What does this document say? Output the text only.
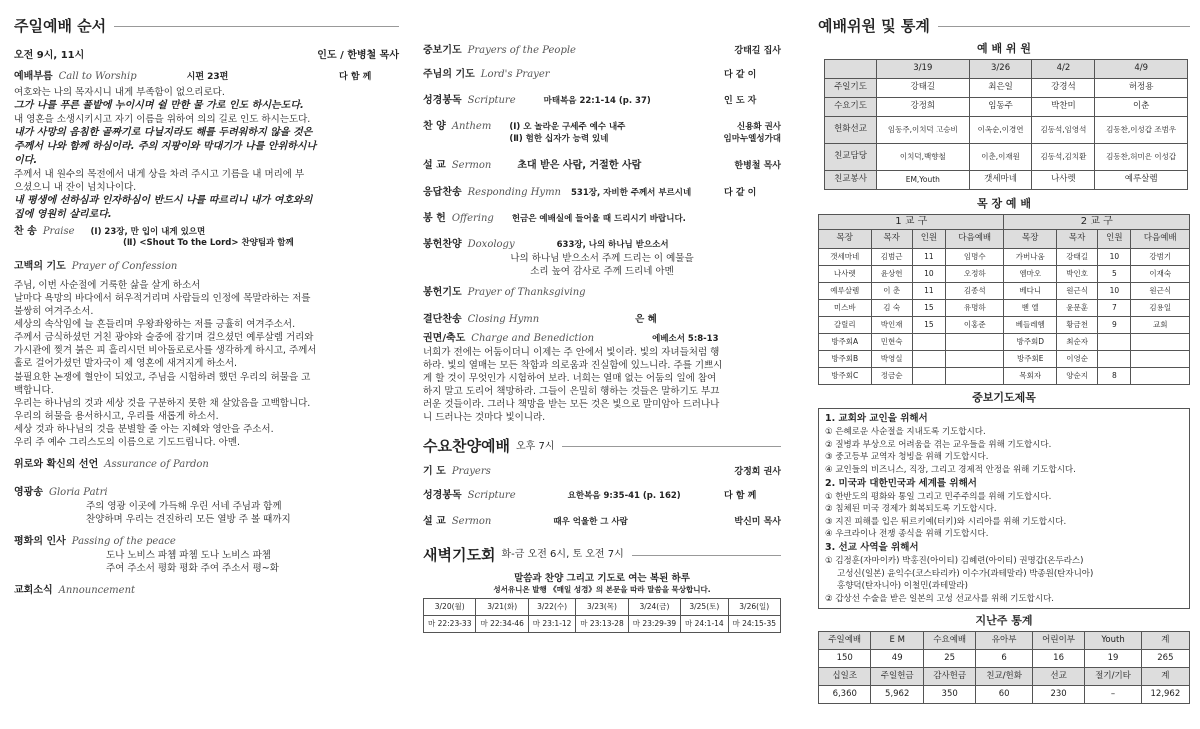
주일예배 순서
오전 9시, 11시	인도 / 한병철 목사
예배부름 Call to Worship	시편 23편	다 함 께
여호와는 나의 목자시니 내게 부족함이 없으리로다.
그가 나를 푸른 풀밭에 누이시며 쉴 만한 물 가로 인도 하시는도다.
내 영혼을 소생시키시고 자기 이름을 위하여 의의 길로 인도 하시는도다.
내가 사망의 음침한 골짜기로 다닐지라도 해를 두려워하지 않을 것은
주께서 나와 함께 하심이라. 주의 지팡이와 막대기가 나를 안위하시나
이다.
주께서 내 원수의 목전에서 내게 상을 차려 주시고 기름을 내 머리에 부
으셨으니 내 잔이 넘치나이다.
내 평생에 선하심과 인자하심이 반드시 나를 따르리니 내가 여호와의
집에 영원히 살리로다.
찬 송 Praise (Ⅰ) 23장, 만 입이 내게 있으면
(Ⅱ) <Shout To the Lord> 찬양팀과 함께
고백의 기도 Prayer of Confession
주님, 이번 사순절에 거룩한 삶을 살게 하소서
날마다 욕망의 바다에서 허우적거리며 사람들의 인정에 목말라하는 저를
불쌍히 여겨주소서.
세상의 속삭임에 늘 흔들리며 우왕좌왕하는 저를 긍휼히 여겨주소서.
주께서 금식하셨던 거친 광야와 술중에 잡기며 걸으셨던 예루살렘 거리와
가시관에 찢겨 붉은 피 흘리시던 비아돌로로사를 생각하게 하시고, 주께서
홀로 걸어가셨던 발자국이 제 영혼에 새겨지게 하소서.
불필요한 논쟁에 혈안이 되었고, 주님을 시험하려 했던 우리의 허물을 고
백합니다.
우리는 하나님의 것과 세상 것을 구분하지 못한 채 살았음을 고백합니다.
우리의 허물을 용서하시고, 우리를 새롭게 하소서.
세상 것과 하나님의 것을 분별할 줄 아는 지혜와 영안을 주소서.
우리 주 예수 그리스도의 이름으로 기도드립니다. 아멘.
위로와 확신의 선언 Assurance of Pardon
영광송 Gloria Patri
주의 영광 이곳에 가득해 우린 서네 주님과 함께
찬양하며 우리는 견진하리 모든 열방 주 볼 때까지
평화의 인사 Passing of the peace
도나 노비스 파쳄 파쳄 도나 노비스 파쳄
주여 주소서 평화 평화 주여 주소서 평~화
교회소식 Announcement
중보기도 Prayers of the People	강태길 집사
주님의 기도 Lord's Prayer	다 같 이
성경봉독 Scripture	마태복음 22:1-14 (p. 37)	인 도 자
찬 양 Anthem (Ⅰ) 오 놀라운 구세주 예수 내주
(Ⅱ) 험한 십자가 능력 있네
신용화 권사
임마누엘성가대
설 교 Sermon	초대 받은 사람, 거절한 사람	한병철 목사
응답찬송 Responding Hymn 531장, 자비한 주께서 부르시네	다 같 이
봉 헌 Offering 헌금은 예배실에 들어올 때 드리시기 바랍니다.
봉헌찬양 Doxology	633장, 나의 하나님 받으소서
나의 하나님 받으소서 주께 드리는 이 예물을
소리 높여 감사로 주께 드리네 아멘
봉헌기도 Prayer of Thanksgiving
결단찬송 Closing Hymn	은 혜
권면/축도 Charge and Benediction	에베소서 5:8-13
너희가 전에는 어둠이더니 이제는 주 안에서 빛이라. 빛의 자녀들처럼 행
하라. 빛의 열매는 모든 착함과 의로움과 진실함에 있느니라. 주를 기쁘시
게 할 것이 무엇인가 시험하여 보라. 너희는 열매 없는 어둠의 일에 참여
하지 말고 도리어 책망하라. 그들이 은밀히 행하는 것들은 말하기도 부끄
러운 것들이라. 그러나 책망을 받는 모든 것은 빛으로 말미암아 드러나나
니 드러나는 것마다 빛이니라.
수요찬양예배 오후 7시
기 도 Prayers	강정희 권사
성경봉독 Scripture	요한복음 9:35-41 (p. 162)	다 함 께
설 교 Sermon	때우 억울한 그 사람	박신미 목사
새벽기도회 화-금 오전 6시, 토 오전 7시
말씀과 찬양 그리고 기도로 여는 복된 하루
성서유니온 발행 《매일 성경》의 본문을 따라 말씀을 묵상합니다.
3/20(월)	3/21(화)	3/22(수)	3/23(목)	3/24(금)	3/25(토)	3/26(일)
마 22:23-33	마 22:34-46	마 23:1-12	마 23:13-28	마 23:29-39	마 24:1-14	마 24:15-35
예배위원 및 통계
예 배 위 원
	3/19	3/26	4/2	4/9
주일기도	강태길	최은일	강경석	허정용
수요기도	강정희	임동주	박찬미	이춘
헌화선교	임동주,이치덕 고승비	이옥순,이경연	김동석,임영석	김동찬,이성갑 조범우
친교담당	이치덕,백향철	이춘,이재원	김동석,김치환	김동찬,허미은 이성갑
친교봉사	EM,Youth	갯세마네	나사렛	예루살렘
목 장 예 배
1 교 구				2 교 구			
목장	목자	인원	다음예배	목장	목자	인원	다음예배
갯세마네	김범근	11	임명수	가버나움	강태길	10	강범기
나사렛	윤상헌	10	오정하	엠마오	박인호	5	이재숙
예루살렘	이 춘	11	김종석	베다니	원근식	10	원근식
미스바	김 숙	15	유명하	벧 엘	윤문훈	7	김용일
갈릴리	박인재	15	이홍준	베들레헴	황금천	9	교회
방주회A	민현숙			방주회D	최순자		
방주회B	박영실			방주회E	이영순		
방주회C	정금순			목회자	양순지	8	
중보기도제목
1. 교회와 교인을 위해서
① 은혜로운 사순절을 지내도록 기도합시다.
② 질병과 부상으로 어려움을 겪는 교우들을 위해 기도합시다.
③ 중고등부 교역자 청빙을 위해 기도합시다.
④ 교인들의 비즈니스, 직장, 그리고 경제적 안정을 위해 기도합시다.
2. 미국과 대한민국과 세계를 위해서
① 한반도의 평화와 통일 그리고 민주주의를 위해 기도합시다.
② 침체된 미국 경제가 회복되도록 기도합시다.
③ 지진 피해를 입은 튀르키예(터키)와 시리아를 위해 기도합시다.
④ 우크라이나 전쟁 종식을 위해 기도합시다.
3. 선교 사역을 위해서
① 김정훈(자마이카) 박홍진(아이티) 김혜련(아이티) 권명갑(온두라스)
고성신(일본) 윤익수(코스타리카) 이수가(과테말라) 박종원(탄자니아)
홍향덕(탄자니아) 이철민(과테말라)
② 갑상선 수술을 받은 일본의 고성 선교사를 위해 기도합시다.
지난주 통계
주일예배	E M	수요예배	유아부	어린이부	Youth	계
150	49	25	6	16	19	265
십일조	주일헌금	감사헌금	친교/헌화	선교	절기/기타	계
6,360	5,962	350	60	230	–	12,962
